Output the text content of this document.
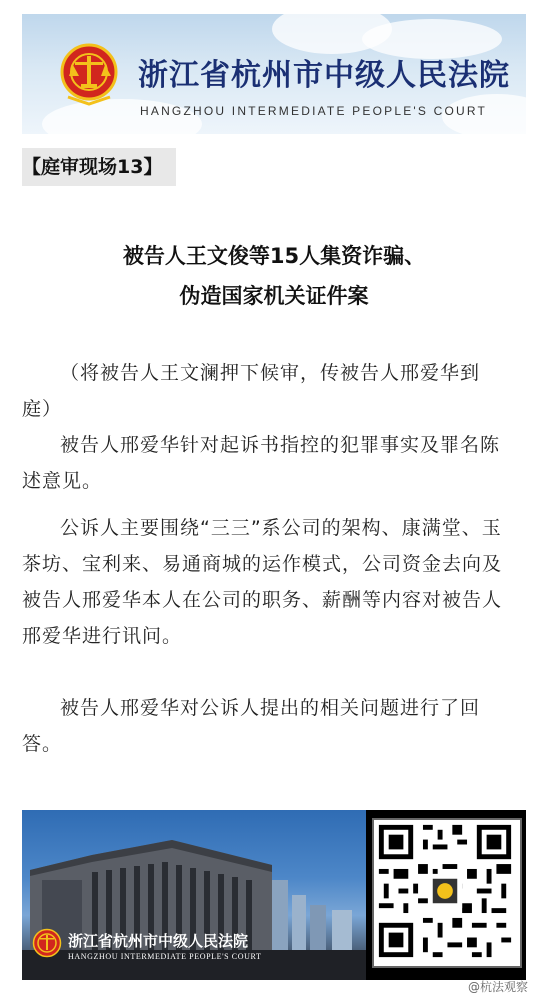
浙江省杭州市中级人民法院
HANGZHOU INTERMEDIATE PEOPLE'S COURT
【庭审现场13】
被告人王文俊等15人集资诈骗、
伪造国家机关证件案
（将被告人王文澜押下候审，传被告人邢爱华到庭）
被告人邢爱华针对起诉书指控的犯罪事实及罪名陈述意见。
公诉人主要围绕“三三”系公司的架构、康满堂、玉茶坊、宝利来、易通商城的运作模式，公司资金去向及被告人邢爱华本人在公司的职务、薪酬等内容对被告人邢爱华进行讯问。
被告人邢爱华对公诉人提出的相关问题进行了回答。
浙江省杭州市中级人民法院
HANGZHOU INTERMEDIATE PEOPLE'S COURT
@杭法观察
